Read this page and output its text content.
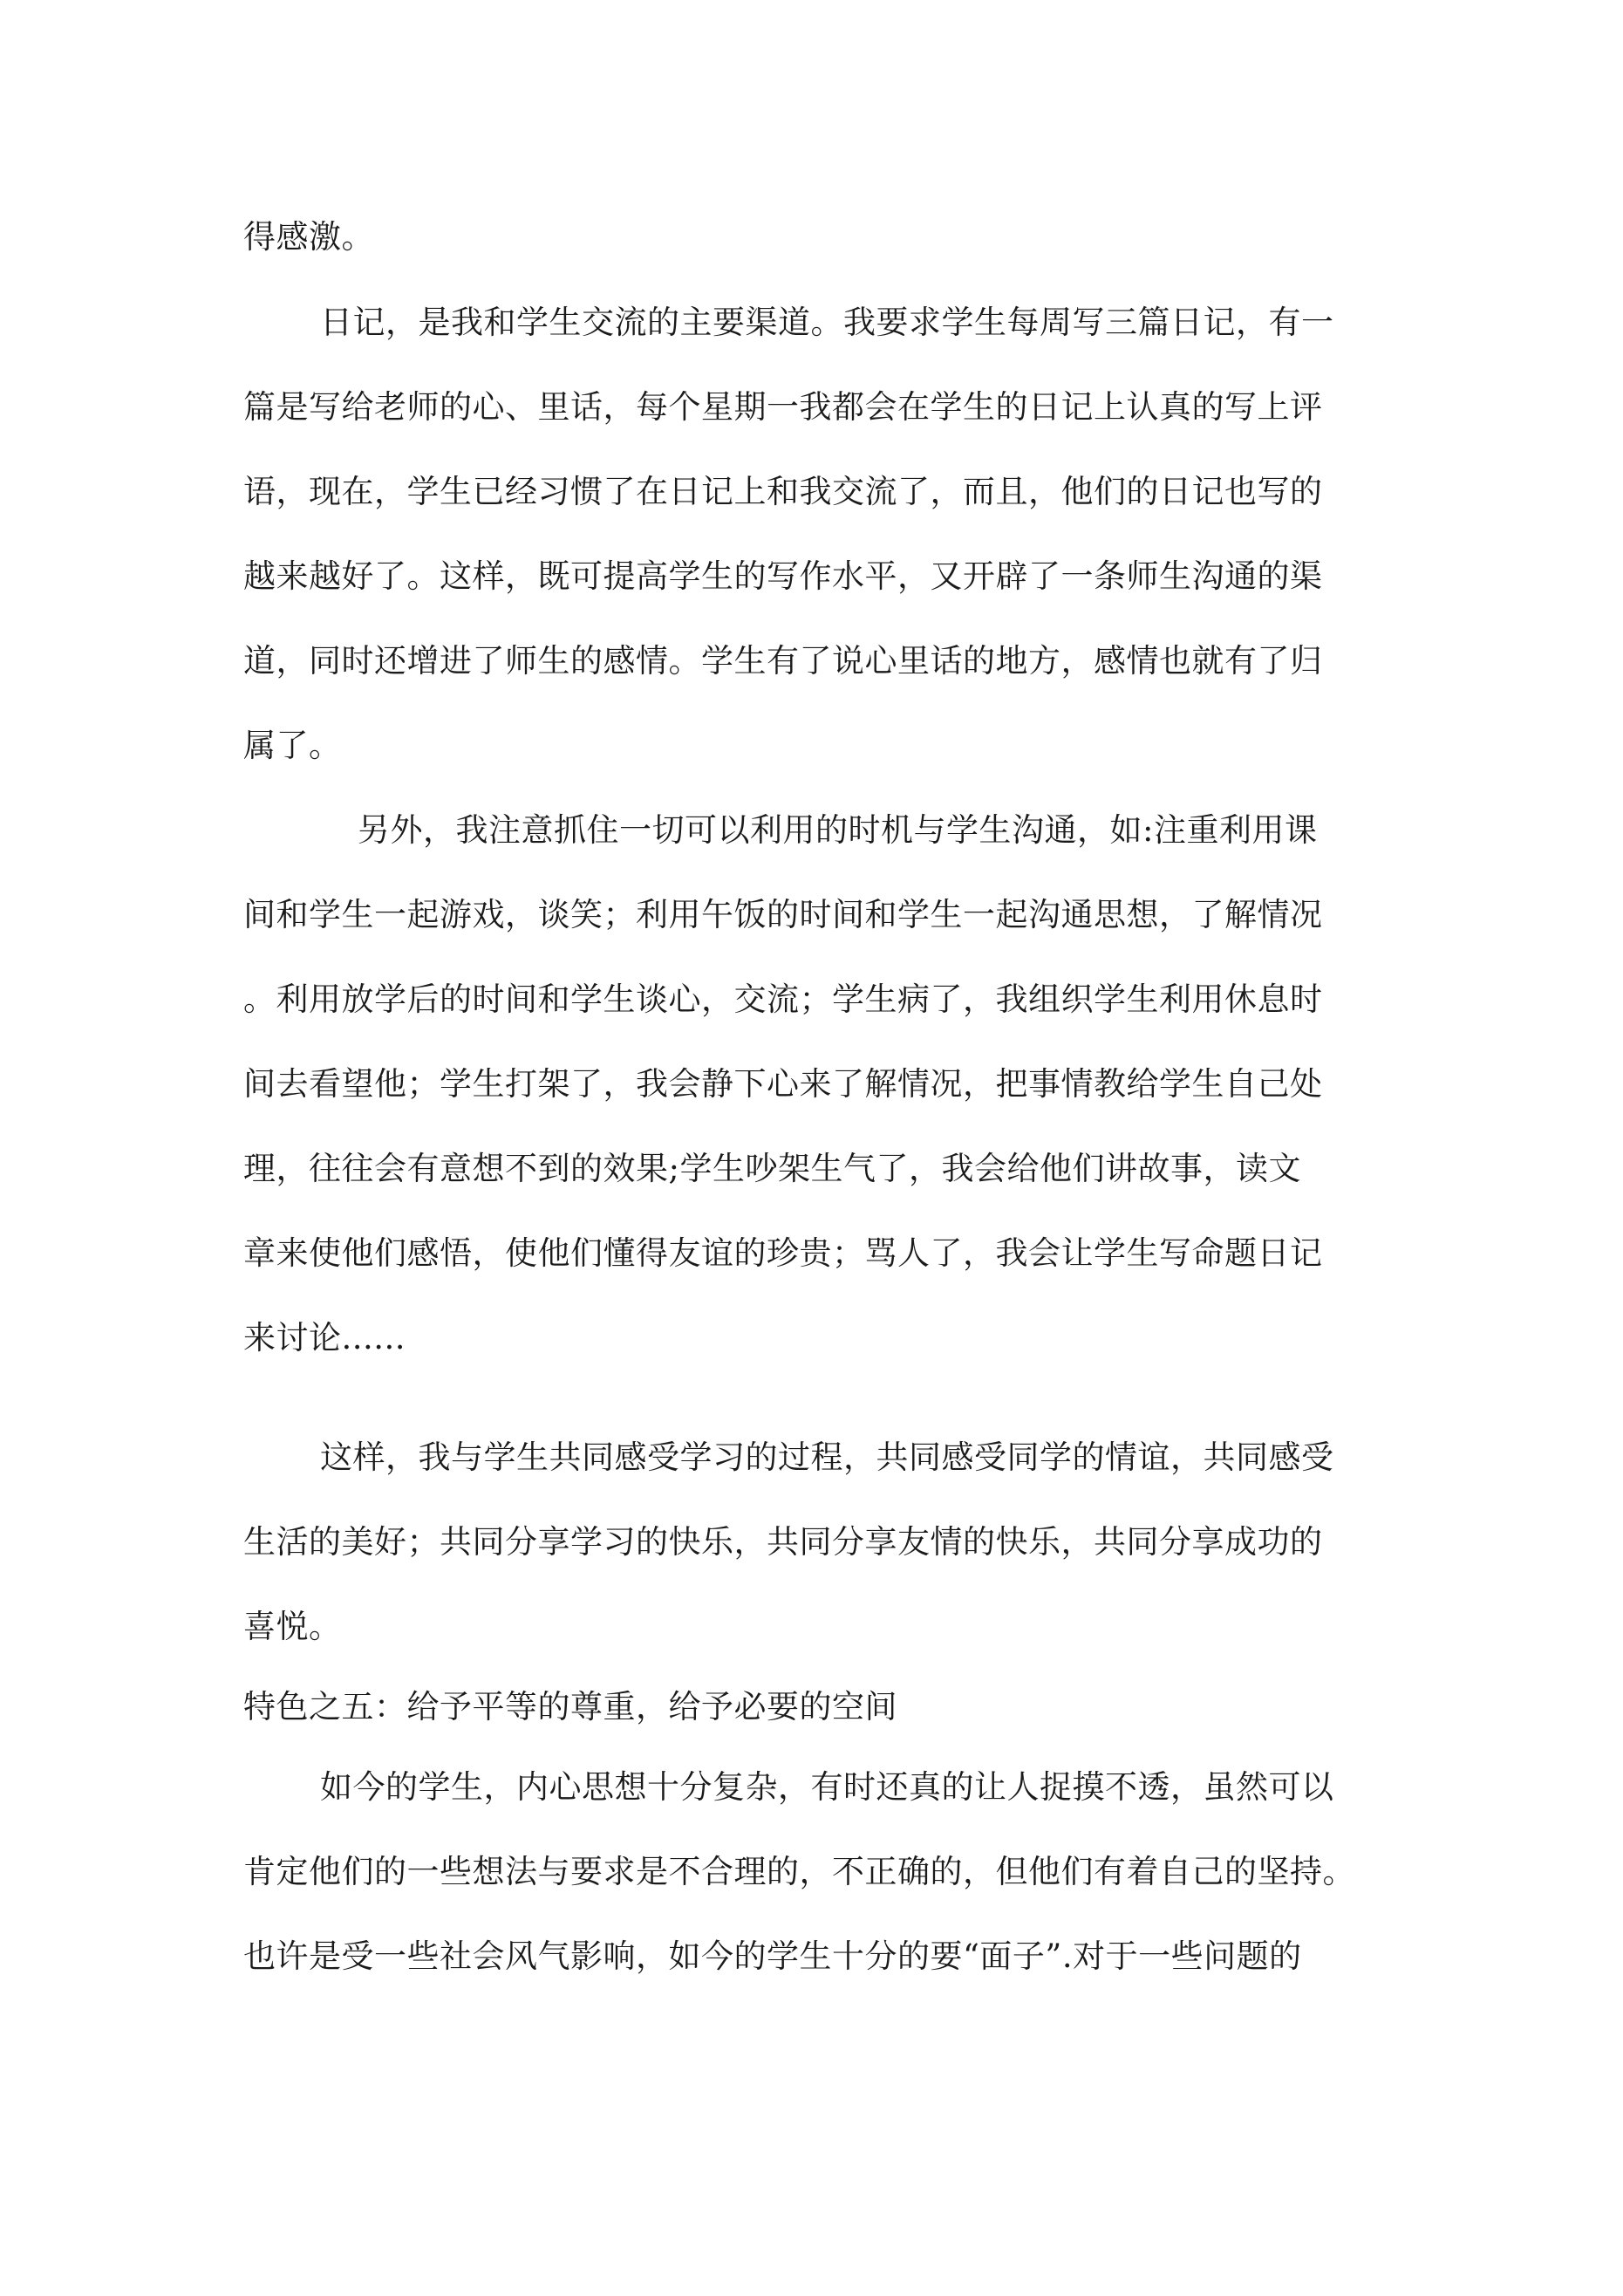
得感激。
日记，是我和学生交流的主要渠道。我要求学生每周写三篇日记，有一
篇是写给老师的心、里话，每个星期一我都会在学生的日记上认真的写上评
语，现在，学生已经习惯了在日记上和我交流了，而且，他们的日记也写的
越来越好了。这样，既可提高学生的写作水平，又开辟了一条师生沟通的渠
道，同时还增进了师生的感情。学生有了说心里话的地方，感情也就有了归
属了。
另外，我注意抓住一切可以利用的时机与学生沟通，如:注重利用课
间和学生一起游戏，谈笑；利用午饭的时间和学生一起沟通思想，了解情况
。利用放学后的时间和学生谈心，交流；学生病了，我组织学生利用休息时
间去看望他；学生打架了，我会静下心来了解情况，把事情教给学生自己处
理，往往会有意想不到的效果;学生吵架生气了，我会给他们讲故事，读文
章来使他们感悟，使他们懂得友谊的珍贵；骂人了，我会让学生写命题日记
来讨论......
这样，我与学生共同感受学习的过程，共同感受同学的情谊，共同感受
生活的美好；共同分享学习的快乐，共同分享友情的快乐，共同分享成功的
喜悦。
特色之五：给予平等的尊重，给予必要的空间
如今的学生，内心思想十分复杂，有时还真的让人捉摸不透，虽然可以
肯定他们的一些想法与要求是不合理的，不正确的，但他们有着自己的坚持。
也许是受一些社会风气影响，如今的学生十分的要“面子”.对于一些问题的
